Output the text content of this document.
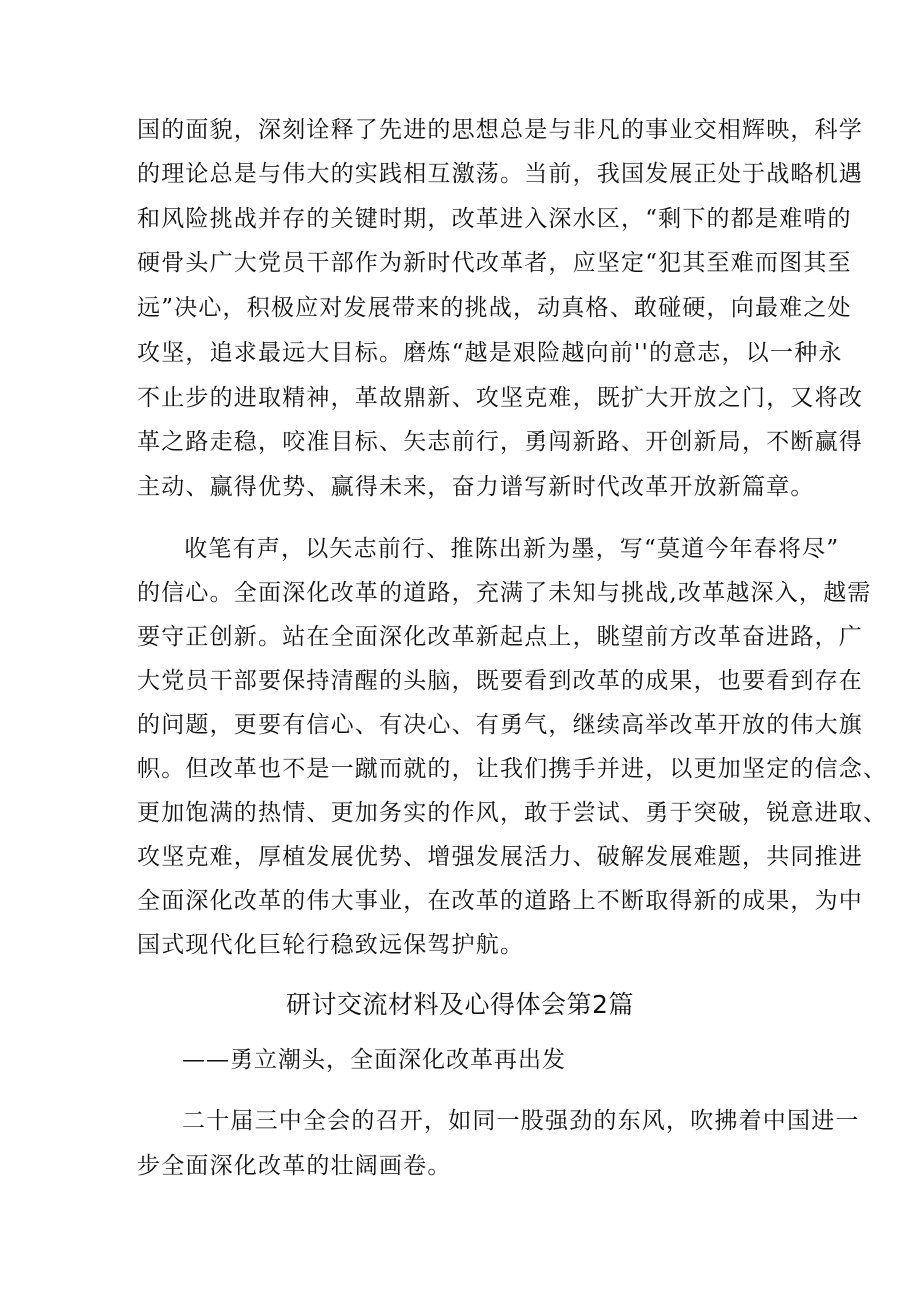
国的面貌，深刻诠释了先进的思想总是与非凡的事业交相辉映，科学
的理论总是与伟大的实践相互激荡。当前，我国发展正处于战略机遇
和风险挑战并存的关键时期，改革进入深水区，“剩下的都是难啃的
硬骨头广大党员干部作为新时代改革者，应坚定“犯其至难而图其至
远”决心，积极应对发展带来的挑战，动真格、敢碰硬，向最难之处
攻坚，追求最远大目标。磨炼“越是艰险越向前''的意志，以一种永
不止步的进取精神，革故鼎新、攻坚克难，既扩大开放之门，又将改
革之路走稳，咬准目标、矢志前行，勇闯新路、开创新局，不断赢得
主动、赢得优势、赢得未来，奋力谱写新时代改革开放新篇章。
　收笔有声，以矢志前行、推陈出新为墨，写“莫道今年春将尽”
的信心。全面深化改革的道路，充满了未知与挑战,改革越深入，越需
要守正创新。站在全面深化改革新起点上，眺望前方改革奋进路，广
大党员干部要保持清醒的头脑，既要看到改革的成果，也要看到存在
的问题，更要有信心、有决心、有勇气，继续高举改革开放的伟大旗
帜。但改革也不是一蹴而就的，让我们携手并进，以更加坚定的信念、
更加饱满的热情、更加务实的作风，敢于尝试、勇于突破，锐意进取、
攻坚克难，厚植发展优势、增强发展活力、破解发展难题，共同推进
全面深化改革的伟大事业，在改革的道路上不断取得新的成果，为中
国式现代化巨轮行稳致远保驾护航。
研讨交流材料及心得体会第2篇
——勇立潮头，全面深化改革再出发
二十届三中全会的召开，如同一股强劲的东风，吹拂着中国进一
步全面深化改革的壮阔画卷。
